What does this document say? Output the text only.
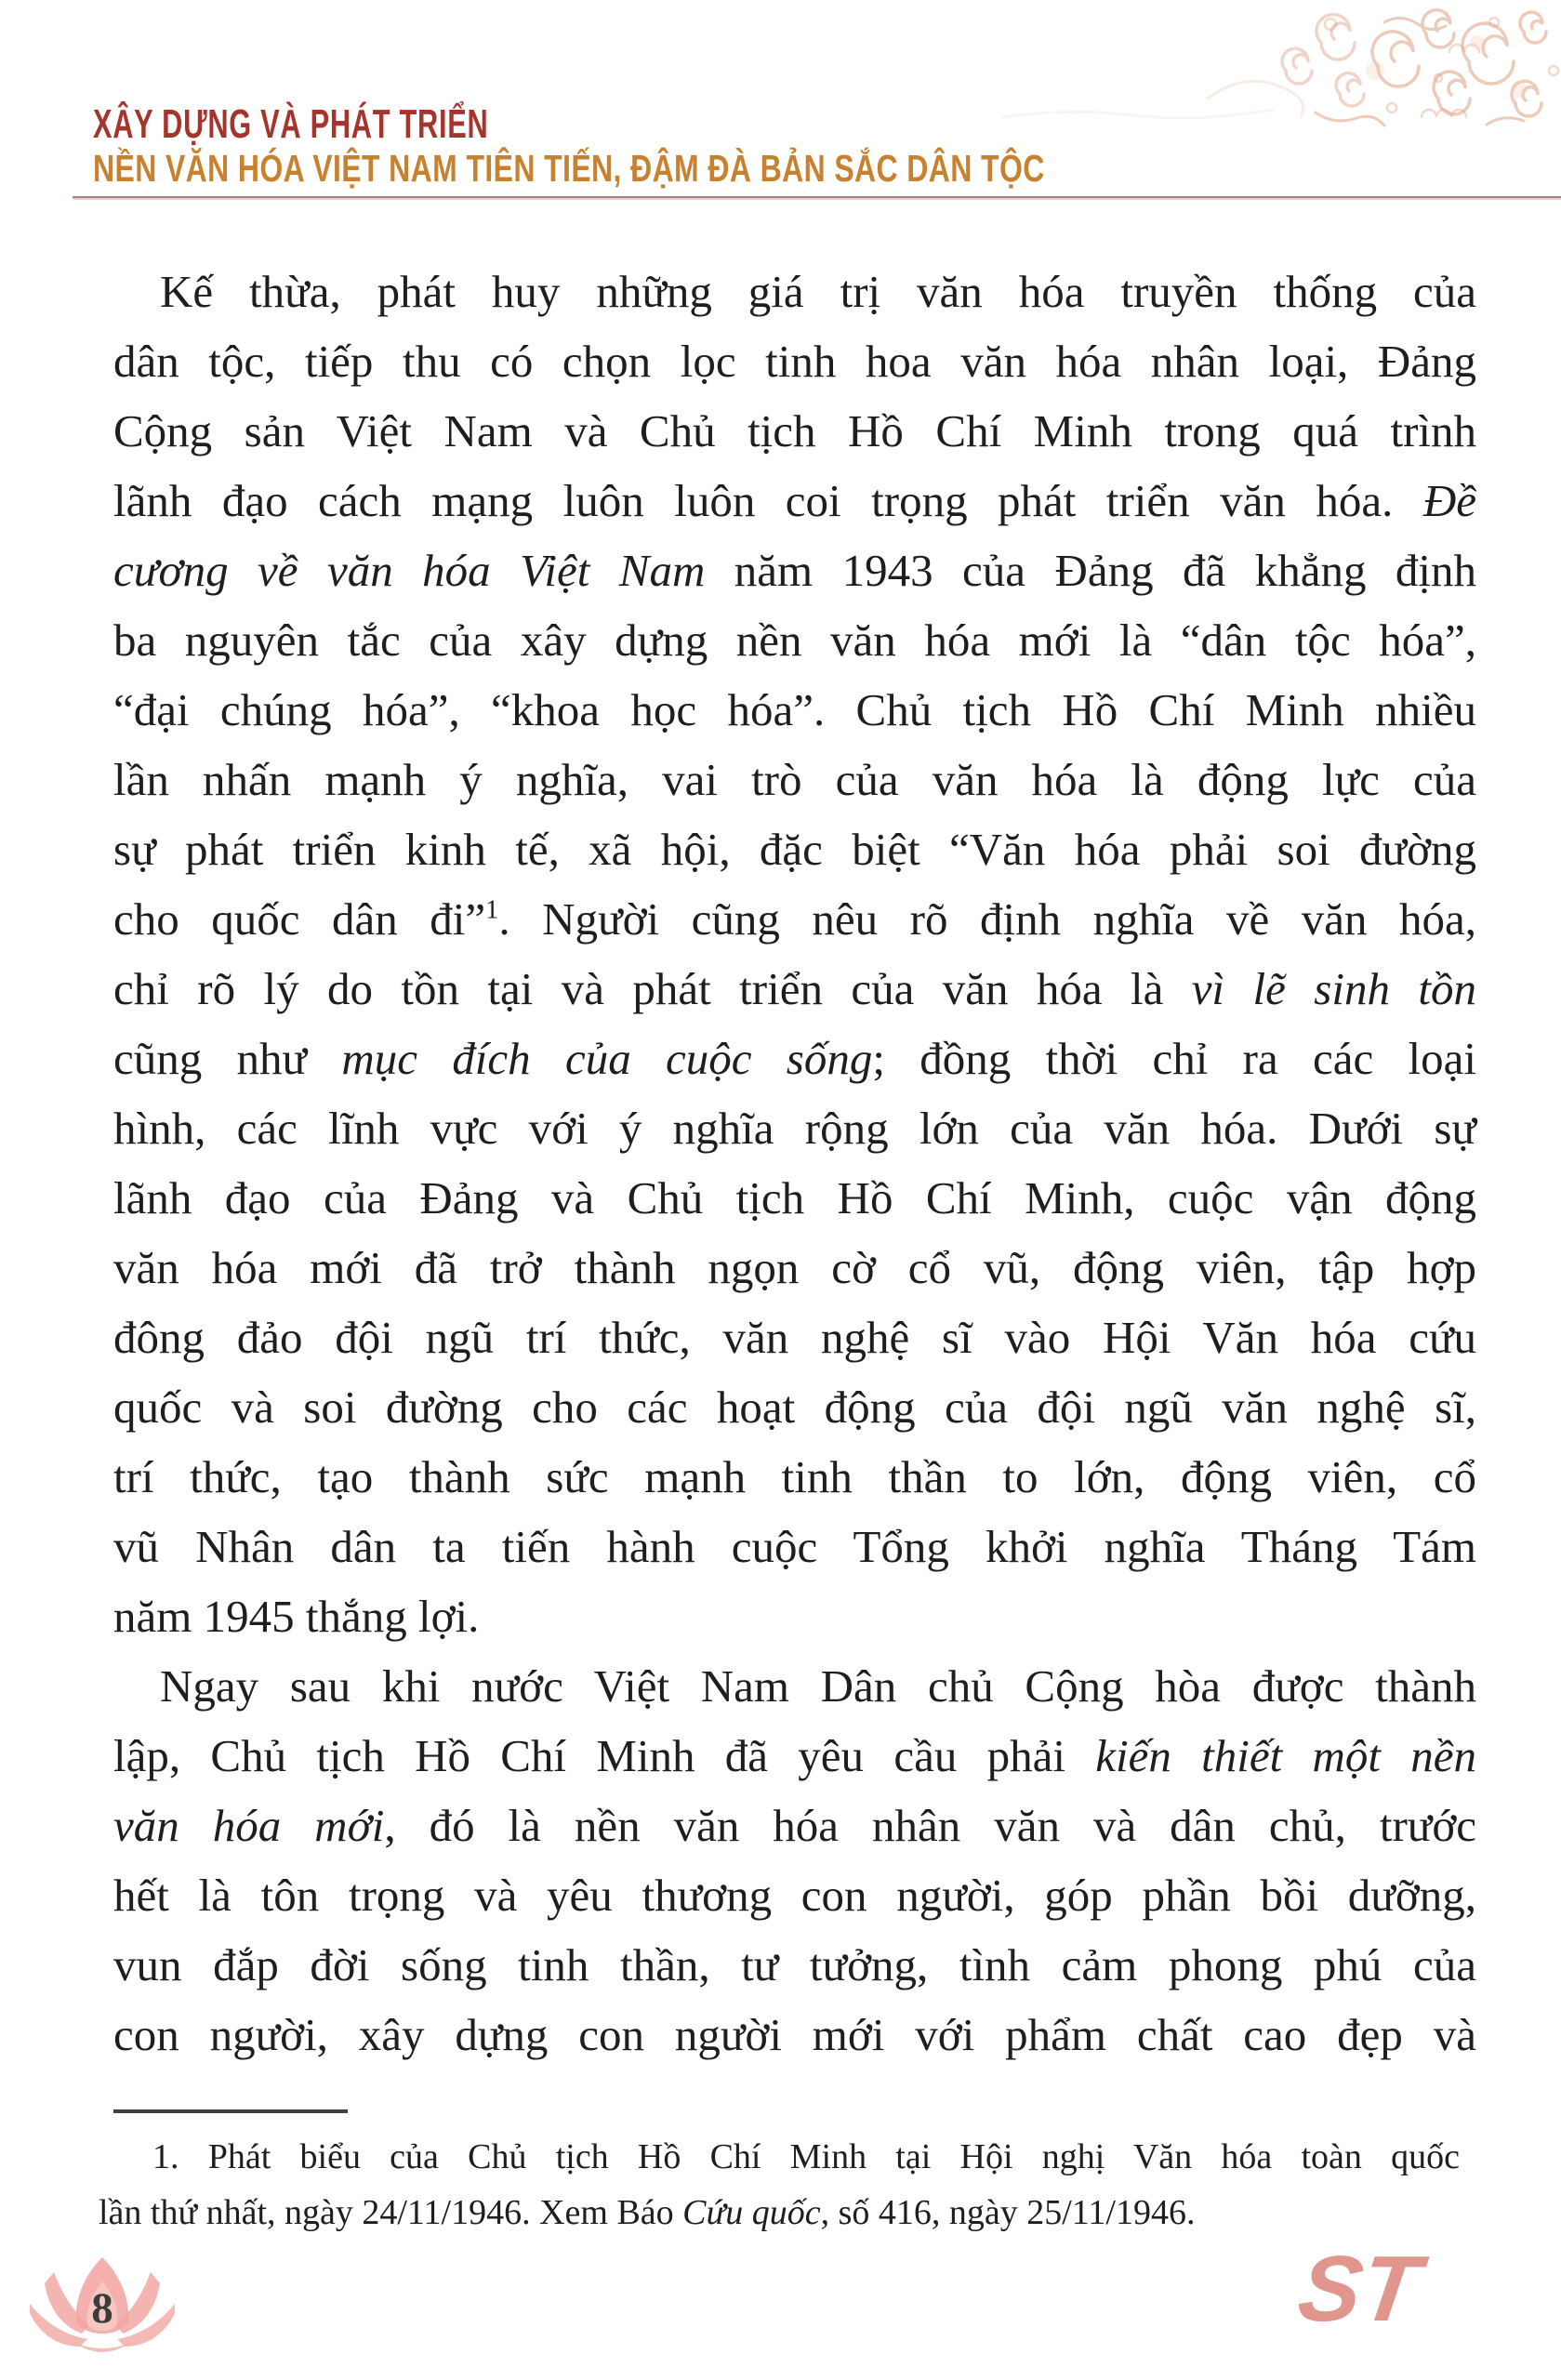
XÂY DỰNG VÀ PHÁT TRIỂN
NỀN VĂN HÓA VIỆT NAM TIÊN TIẾN, ĐẬM ĐÀ BẢN SẮC DÂN TỘC
Kế thừa, phát huy những giá trị văn hóa truyền thống của
dân tộc, tiếp thu có chọn lọc tinh hoa văn hóa nhân loại, Đảng
Cộng sản Việt Nam và Chủ tịch Hồ Chí Minh trong quá trình
lãnh đạo cách mạng luôn luôn coi trọng phát triển văn hóa. Đề
cương về văn hóa Việt Nam năm 1943 của Đảng đã khẳng định
ba nguyên tắc của xây dựng nền văn hóa mới là “dân tộc hóa”,
“đại chúng hóa”, “khoa học hóa”. Chủ tịch Hồ Chí Minh nhiều
lần nhấn mạnh ý nghĩa, vai trò của văn hóa là động lực của
sự phát triển kinh tế, xã hội, đặc biệt “Văn hóa phải soi đường
cho quốc dân đi”$^1$. Người cũng nêu rõ định nghĩa về văn hóa,
chỉ rõ lý do tồn tại và phát triển của văn hóa là vì lẽ sinh tồn
cũng như mục đích của cuộc sống; đồng thời chỉ ra các loại
hình, các lĩnh vực với ý nghĩa rộng lớn của văn hóa. Dưới sự
lãnh đạo của Đảng và Chủ tịch Hồ Chí Minh, cuộc vận động
văn hóa mới đã trở thành ngọn cờ cổ vũ, động viên, tập hợp
đông đảo đội ngũ trí thức, văn nghệ sĩ vào Hội Văn hóa cứu
quốc và soi đường cho các hoạt động của đội ngũ văn nghệ sĩ,
trí thức, tạo thành sức mạnh tinh thần to lớn, động viên, cổ
vũ Nhân dân ta tiến hành cuộc Tổng khởi nghĩa Tháng Tám
năm 1945 thắng lợi.
Ngay sau khi nước Việt Nam Dân chủ Cộng hòa được thành
lập, Chủ tịch Hồ Chí Minh đã yêu cầu phải kiến thiết một nền
văn hóa mới, đó là nền văn hóa nhân văn và dân chủ, trước
hết là tôn trọng và yêu thương con người, góp phần bồi dưỡng,
vun đắp đời sống tinh thần, tư tưởng, tình cảm phong phú của
con người, xây dựng con người mới với phẩm chất cao đẹp và
1. Phát biểu của Chủ tịch Hồ Chí Minh tại Hội nghị Văn hóa toàn quốc
lần thứ nhất, ngày 24/11/1946. Xem Báo Cứu quốc, số 416, ngày 25/11/1946.
8	ST
